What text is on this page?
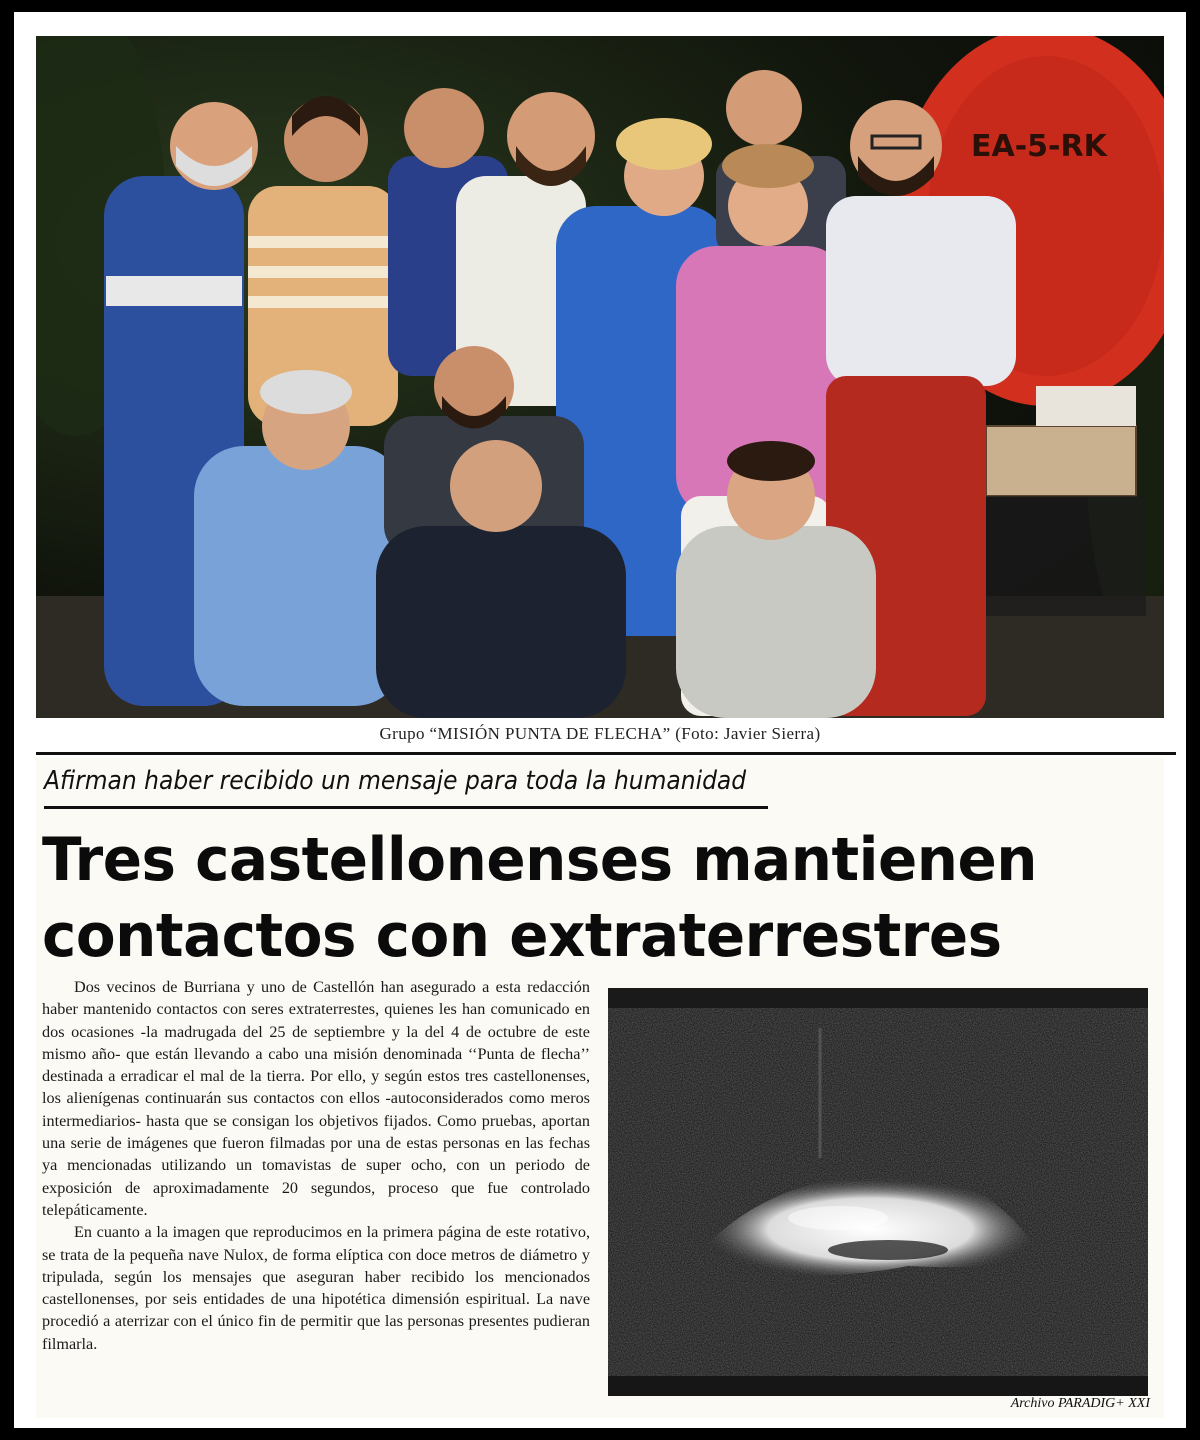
EA-5-RK
Grupo “MISIÓN PUNTA DE FLECHA” (Foto: Javier Sierra)
Afirman haber recibido un mensaje para toda la humanidad
Tres castellonenses mantienen
contactos con extraterrestres

Dos vecinos de Burriana y uno de Castellón han asegurado a esta redacción haber mantenido contactos con seres extraterrestes, quienes les han comunicado en dos ocasiones -la madrugada del 25 de septiembre y la del 4 de octubre de este mismo año- que están llevando a cabo una misión denominada ‘‘Punta de flecha’’ destinada a erradicar el mal de la tierra. Por ello, y según estos tres castellonenses, los alienígenas continuarán sus contactos con ellos -autoconsiderados como meros intermediarios- hasta que se consigan los objetivos fijados. Como pruebas, aportan una serie de imágenes que fueron filmadas por una de estas personas en las fechas ya mencionadas utilizando un tomavistas de super ocho, con un periodo de exposición de aproximadamente 20 segundos, proceso que fue controlado telepáticamente.

En cuanto a la imagen que reproducimos en la primera página de este rotativo, se trata de la pequeña nave Nulox, de forma elíptica con doce metros de diámetro y tripulada, según los mensajes que aseguran haber recibido los mencionados castellonenses, por seis entidades de una hipotética dimensión espiritual. La nave procedió a aterrizar con el único fin de permitir que las personas presentes pudieran filmarla.

Archivo PARADIG+ XXI
